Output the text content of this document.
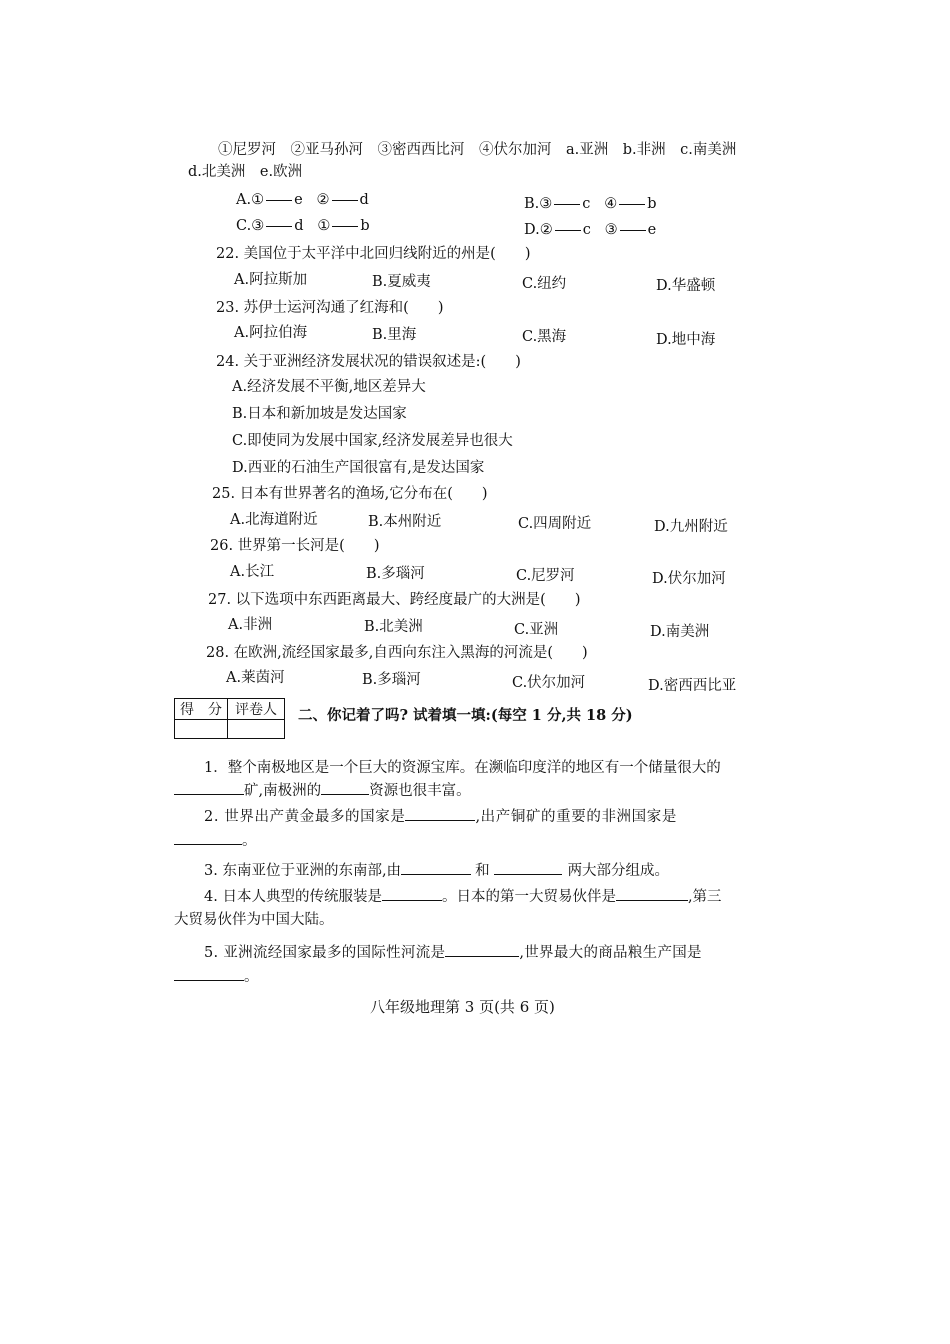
①尼罗河　②亚马孙河　③密西西比河　④伏尔加河　a.亚洲　b.非洲　c.南美洲
d.北美洲　e.欧洲
A.① e ② d	B.③ c ④ b
C.③ d ① b	D.② c ③ e
22. 美国位于太平洋中北回归线附近的州是(　　)
A.阿拉斯加	B.夏威夷	C.纽约	D.华盛顿
23. 苏伊士运河沟通了红海和(　　)
A.阿拉伯海	B.里海	C.黑海	D.地中海
24. 关于亚洲经济发展状况的错误叙述是:(　　)
A.经济发展不平衡,地区差异大
B.日本和新加坡是发达国家
C.即使同为发展中国家,经济发展差异也很大
D.西亚的石油生产国很富有,是发达国家
25. 日本有世界著名的渔场,它分布在(　　)
A.北海道附近	B.本州附近	C.四周附近	D.九州附近
26. 世界第一长河是(　　)
A.长江	B.多瑙河	C.尼罗河	D.伏尔加河
27. 以下选项中东西距离最大、跨经度最广的大洲是(　　)
A.非洲	B.北美洲	C.亚洲	D.南美洲
28. 在欧洲,流经国家最多,自西向东注入黑海的河流是(　　)
A.莱茵河	B.多瑙河	C.伏尔加河	D.密西西比亚
得　分	评卷人
	二、你记着了吗? 试着填一填:(每空 1 分,共 18 分)
1．整个南极地区是一个巨大的资源宝库。在濒临印度洋的地区有一个储量很大的
矿,南极洲的	资源也很丰富。
2. 世界出产黄金最多的国家是	,出产铜矿的重要的非洲国家是
。
3. 东南亚位于亚洲的东南部,由	和	两大部分组成。
4. 日本人典型的传统服装是	。日本的第一大贸易伙伴是	,第三
大贸易伙伴为中国大陆。
5. 亚洲流经国家最多的国际性河流是	,世界最大的商品粮生产国是
。
八年级地理第 3 页(共 6 页)
